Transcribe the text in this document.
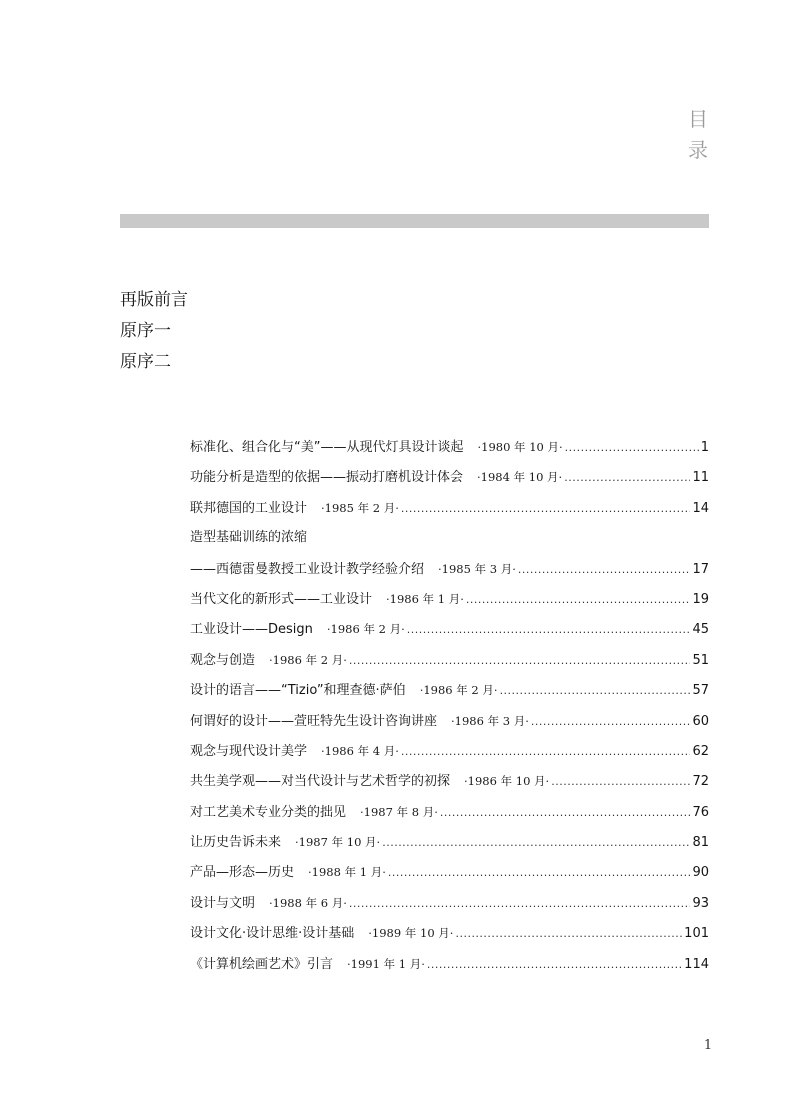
目
录
再版前言
原序一
原序二
标准化、组合化与“美”——从现代灯具设计谈起 ·1980 年 10 月· .....	1
功能分析是造型的依据——振动打磨机设计体会 ·1984 年 10 月· .....	11
联邦德国的工业设计 ·1985 年 2 月· .....	14
造型基础训练的浓缩
——西德雷曼教授工业设计教学经验介绍 ·1985 年 3 月· .....	17
当代文化的新形式——工业设计 ·1986 年 1 月· .....	19
工业设计——Design ·1986 年 2 月· .....	45
观念与创造 ·1986 年 2 月· .....	51
设计的语言——“Tizio”和理查德·萨伯 ·1986 年 2 月· .....	57
何谓好的设计——萱旺特先生设计咨询讲座 ·1986 年 3 月· .....	60
观念与现代设计美学 ·1986 年 4 月· .....	62
共生美学观——对当代设计与艺术哲学的初探 ·1986 年 10 月· .....	72
对工艺美术专业分类的拙见 ·1987 年 8 月· .....	76
让历史告诉未来 ·1987 年 10 月· .....	81
产品—形态—历史 ·1988 年 1 月· .....	90
设计与文明 ·1988 年 6 月· .....	93
设计文化·设计思维·设计基础 ·1989 年 10 月· .....	101
《计算机绘画艺术》引言 ·1991 年 1 月· .....	114
1
